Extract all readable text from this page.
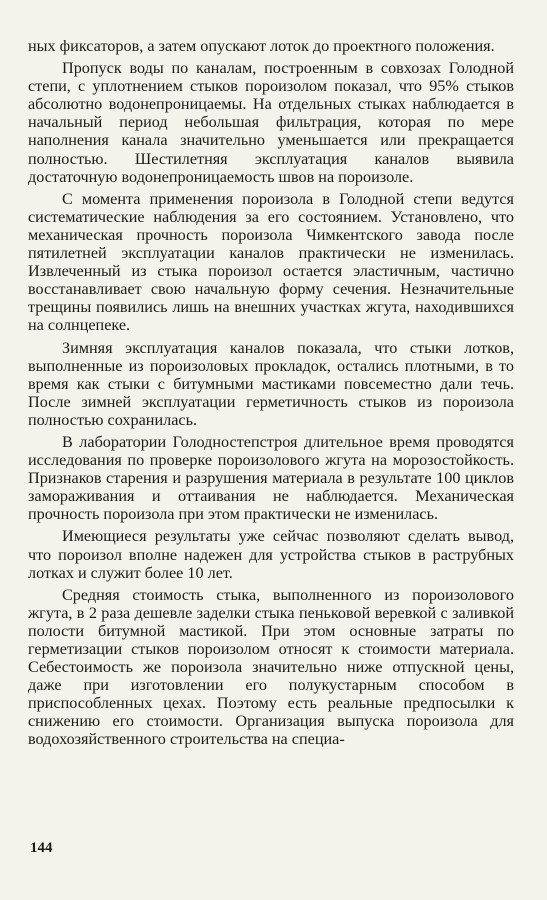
ных фиксаторов, а затем опускают лоток до проектного положения.

Пропуск воды по каналам, построенным в совхозах Голодной степи, с уплотнением стыков пороизолом показал, что 95% стыков абсолютно водонепроницаемы. На отдельных стыках наблюдается в начальный период небольшая фильтрация, которая по мере наполнения канала значительно уменьшается или прекращается полностью. Шестилетняя эксплуатация каналов выявила достаточную водонепроницаемость швов на пороизоле.

С момента применения пороизола в Голодной степи ведутся систематические наблюдения за его состоянием. Установлено, что механическая прочность пороизола Чимкентского завода после пятилетней эксплуатации каналов практически не изменилась. Извлеченный из стыка пороизол остается эластичным, частично восстанавливает свою начальную форму сечения. Незначительные трещины появились лишь на внешних участках жгута, находившихся на солнцепеке.

Зимняя эксплуатация каналов показала, что стыки лотков, выполненные из пороизоловых прокладок, остались плотными, в то время как стыки с битумными мастиками повсеместно дали течь. После зимней эксплуатации герметичность стыков из пороизола полностью сохранилась.

В лаборатории Голодностепстроя длительное время проводятся исследования по проверке пороизолового жгута на морозостойкость. Признаков старения и разрушения материала в результате 100 циклов замораживания и оттаивания не наблюдается. Механическая прочность пороизола при этом практически не изменилась.

Имеющиеся результаты уже сейчас позволяют сделать вывод, что пороизол вполне надежен для устройства стыков в раструбных лотках и служит более 10 лет.

Средняя стоимость стыка, выполненного из пороизолового жгута, в 2 раза дешевле заделки стыка пеньковой веревкой с заливкой полости битумной мастикой. При этом основные затраты по герметизации стыков пороизолом относят к стоимости материала. Себестоимость же пороизола значительно ниже отпускной цены, даже при изготовлении его полукустарным способом в приспособленных цехах. Поэтому есть реальные предпосылки к снижению его стоимости. Организация выпуска пороизола для водохозяйственного строительства на специа-

144
